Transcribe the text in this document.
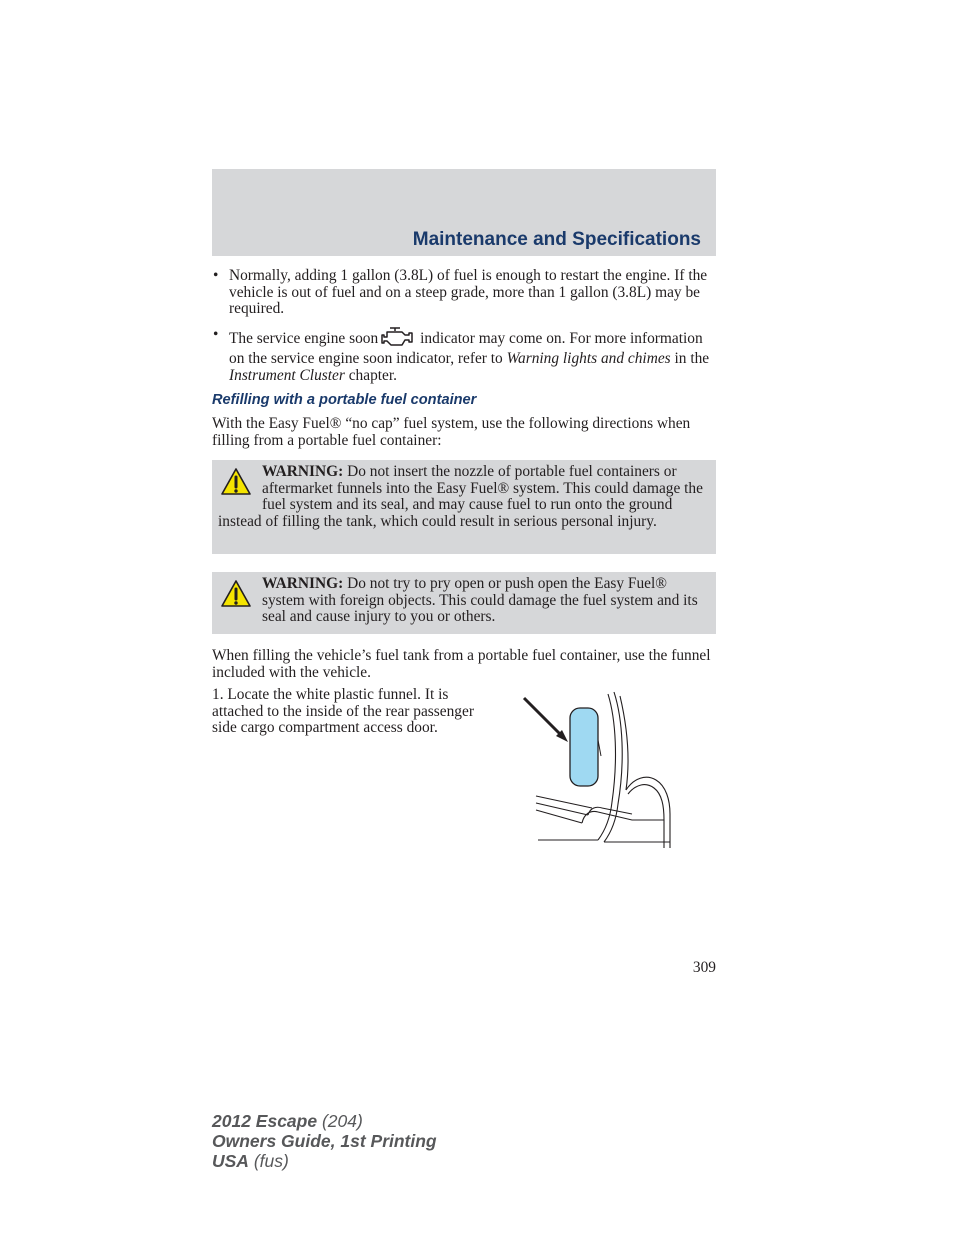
Maintenance and Specifications
• Normally, adding 1 gallon (3.8L) of fuel is enough to restart the engine. If the vehicle is out of fuel and on a steep grade, more than 1 gallon (3.8L) may be required.
• The service engine soon	indicator may come on. For more information on the service engine soon indicator, refer to Warning lights and chimes in the Instrument Cluster chapter.
Refilling with a portable fuel container
With the Easy Fuel® “no cap” fuel system, use the following directions when filling from a portable fuel container:
WARNING: Do not insert the nozzle of portable fuel containers or aftermarket funnels into the Easy Fuel® system. This could damage the fuel system and its seal, and may cause fuel to run onto the ground instead of filling the tank, which could result in serious personal injury.
WARNING: Do not try to pry open or push open the Easy Fuel® system with foreign objects. This could damage the fuel system and its seal and cause injury to you or others.
When filling the vehicle’s fuel tank from a portable fuel container, use the funnel included with the vehicle.
1. Locate the white plastic funnel. It is attached to the inside of the rear passenger side cargo compartment access door.
309
2012 Escape (204)
Owners Guide, 1st Printing
USA (fus)
